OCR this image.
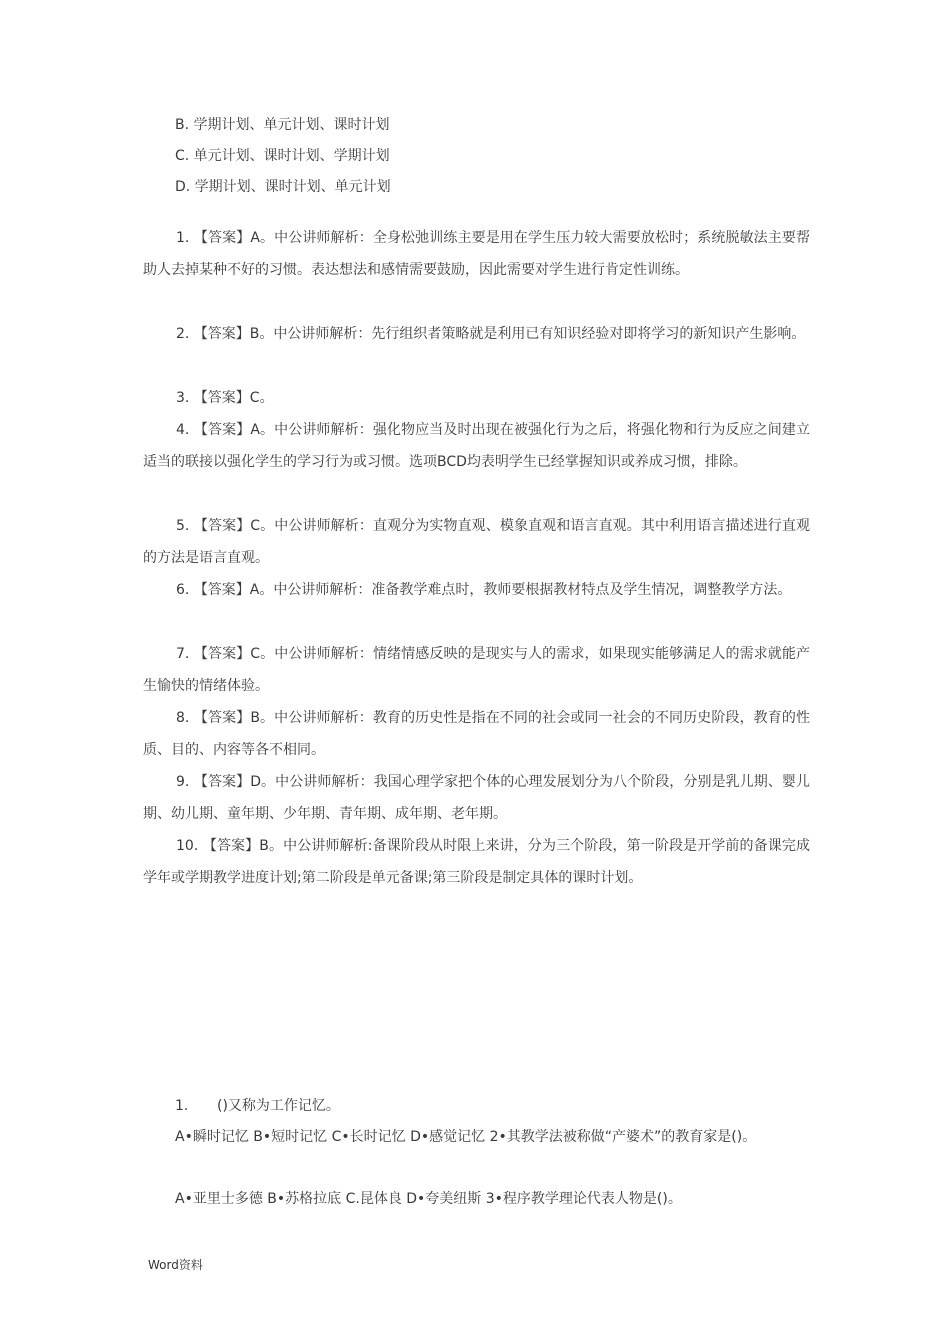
B. 学期计划、单元计划、课时计划
C. 单元计划、课时计划、学期计划
D. 学期计划、课时计划、单元计划

1. 【答案】A。中公讲师解析：全身松弛训练主要是用在学生压力较大需要放松时；系统脱敏法主要帮助人去掉某种不好的习惯。表达想法和感情需要鼓励，因此需要对学生进行肯定性训练。

2. 【答案】B。中公讲师解析：先行组织者策略就是利用已有知识经验对即将学习的新知识产生影响。

3. 【答案】C。

4. 【答案】A。中公讲师解析：强化物应当及时出现在被强化行为之后，将强化物和行为反应之间建立适当的联接以强化学生的学习行为或习惯。选项BCD均表明学生已经掌握知识或养成习惯，排除。

5. 【答案】C。中公讲师解析：直观分为实物直观、模象直观和语言直观。其中利用语言描述进行直观的方法是语言直观。

6. 【答案】A。中公讲师解析：准备教学难点时，教师要根据教材特点及学生情况，调整教学方法。

7. 【答案】C。中公讲师解析：情绪情感反映的是现实与人的需求，如果现实能够满足人的需求就能产生愉快的情绪体验。

8. 【答案】B。中公讲师解析：教育的历史性是指在不同的社会或同一社会的不同历史阶段，教育的性质、目的、内容等各不相同。

9. 【答案】D。中公讲师解析：我国心理学家把个体的心理发展划分为八个阶段，分别是乳儿期、婴儿期、幼儿期、童年期、少年期、青年期、成年期、老年期。

10. 【答案】B。中公讲师解析:备课阶段从时限上来讲，分为三个阶段，第一阶段是开学前的备课完成学年或学期教学进度计划;第二阶段是单元备课;第三阶段是制定具体的课时计划。

1. ()又称为工作记忆。

A•瞬时记忆 B•短时记忆 C•长时记忆 D•感觉记忆 2•其教学法被称做“产婆术”的教育家是()。

A•亚里士多德 B•苏格拉底 C.昆体良 D•夸美纽斯 3•程序教学理论代表人物是()。

Word资料
